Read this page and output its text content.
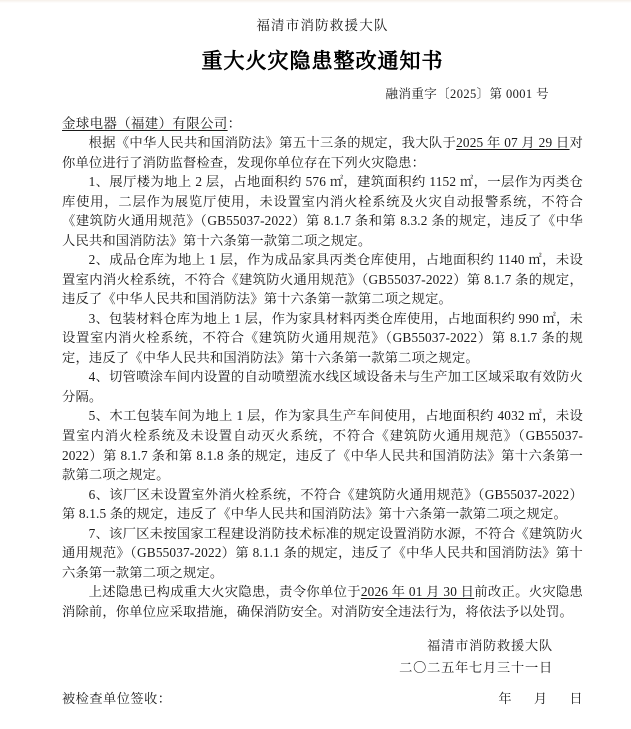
福清市消防救援大队
重大火灾隐患整改通知书
融消重字〔2025〕第 0001 号
金球电器（福建）有限公司：

根据《中华人民共和国消防法》第五十三条的规定，我大队于2025 年 07 月 29 日对你单位进行了消防监督检查，发现你单位存在下列火灾隐患：

1、展厅楼为地上 2 层，占地面积约 576 ㎡，建筑面积约 1152 ㎡，一层作为丙类仓库使用，二层作为展览厅使用，未设置室内消火栓系统及火灾自动报警系统，不符合《建筑防火通用规范》（GB55037-2022）第 8.1.7 条和第 8.3.2 条的规定，违反了《中华人民共和国消防法》第十六条第一款第二项之规定。

2、成品仓库为地上 1 层，作为成品家具丙类仓库使用，占地面积约 1140 ㎡，未设置室内消火栓系统，不符合《建筑防火通用规范》（GB55037-2022）第 8.1.7 条的规定，违反了《中华人民共和国消防法》第十六条第一款第二项之规定。

3、包装材料仓库为地上 1 层，作为家具材料丙类仓库使用，占地面积约 990 ㎡，未设置室内消火栓系统，不符合《建筑防火通用规范》（GB55037-2022）第 8.1.7 条的规定，违反了《中华人民共和国消防法》第十六条第一款第二项之规定。

4、切管喷涂车间内设置的自动喷塑流水线区域设备未与生产加工区域采取有效防火分隔。

5、木工包装车间为地上 1 层，作为家具生产车间使用，占地面积约 4032 ㎡，未设置室内消火栓系统及未设置自动灭火系统，不符合《建筑防火通用规范》（GB55037-2022）第 8.1.7 条和第 8.1.8 条的规定，违反了《中华人民共和国消防法》第十六条第一款第二项之规定。

6、该厂区未设置室外消火栓系统，不符合《建筑防火通用规范》（GB55037-2022）第 8.1.5 条的规定，违反了《中华人民共和国消防法》第十六条第一款第二项之规定。

7、该厂区未按国家工程建设消防技术标准的规定设置消防水源，不符合《建筑防火通用规范》（GB55037-2022）第 8.1.1 条的规定，违反了《中华人民共和国消防法》第十六条第一款第二项之规定。

上述隐患已构成重大火灾隐患，责令你单位于2026 年 01 月 30 日前改正。火灾隐患消除前，你单位应采取措施，确保消防安全。对消防安全违法行为，将依法予以处罚。

福清市消防救援大队
二〇二五年七月三十一日
被检查单位签收：	年 月 日
